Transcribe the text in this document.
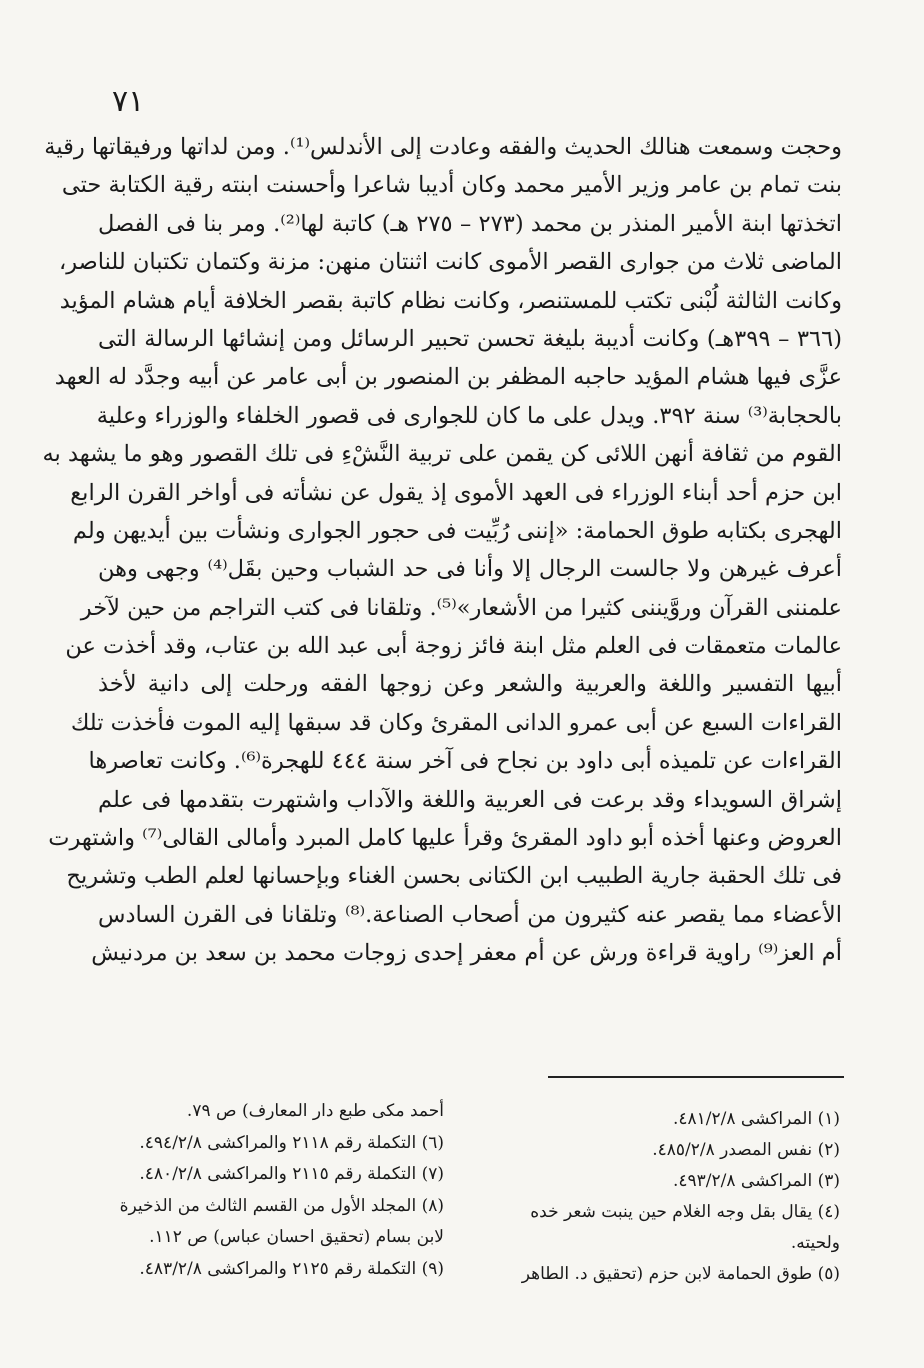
٧١
وحجت وسمعت هنالك الحديث والفقه وعادت إلى الأندلس⁽¹⁾. ومن لداتها ورفيقاتها رقية
بنت تمام بن عامر وزير الأمير محمد وكان أديبا شاعرا وأحسنت ابنته رقية الكتابة حتى
اتخذتها ابنة الأمير المنذر بن محمد (٢٧٣ – ٢٧٥ هـ) كاتبة لها⁽²⁾. ومر بنا فى الفصل
الماضى ثلاث من جوارى القصر الأموى كانت اثنتان منهن: مزنة وكتمان تكتبان للناصر،
وكانت الثالثة لُبْنى تكتب للمستنصر، وكانت نظام كاتبة بقصر الخلافة أيام هشام المؤيد
(٣٦٦ – ٣٩٩هـ) وكانت أديبة بليغة تحسن تحبير الرسائل ومن إنشائها الرسالة التى
عزَّى فيها هشام المؤيد حاجبه المظفر بن المنصور بن أبى عامر عن أبيه وجدَّد له العهد
بالحجابة⁽³⁾ سنة ٣٩٢. ويدل على ما كان للجوارى فى قصور الخلفاء والوزراء وعلية
القوم من ثقافة أنهن اللائى كن يقمن على تربية النَّشْءِ فى تلك القصور وهو ما يشهد به
ابن حزم أحد أبناء الوزراء فى العهد الأموى إذ يقول عن نشأته فى أواخر القرن الرابع
الهجرى بكتابه طوق الحمامة: «إننى رُبِّيت فى حجور الجوارى ونشأت بين أيديهن ولم
أعرف غيرهن ولا جالست الرجال إلا وأنا فى حد الشباب وحين بقَل⁽⁴⁾ وجهى وهن
علمننى القرآن وروَّيننى كثيرا من الأشعار»⁽⁵⁾. وتلقانا فى كتب التراجم من حين لآخر
عالمات متعمقات فى العلم مثل ابنة فائز زوجة أبى عبد الله بن عتاب، وقد أخذت عن
أبيها التفسير واللغة والعربية والشعر وعن زوجها الفقه ورحلت إلى دانية لأخذ
القراءات السبع عن أبى عمرو الدانى المقرئ وكان قد سبقها إليه الموت فأخذت تلك
القراءات عن تلميذه أبى داود بن نجاح فى آخر سنة ٤٤٤ للهجرة⁽⁶⁾. وكانت تعاصرها
إشراق السويداء وقد برعت فى العربية واللغة والآداب واشتهرت بتقدمها فى علم
العروض وعنها أخذه أبو داود المقرئ وقرأ عليها كامل المبرد وأمالى القالى⁽⁷⁾ واشتهرت
فى تلك الحقبة جارية الطبيب ابن الكتانى بحسن الغناء وبإحسانها لعلم الطب وتشريح
الأعضاء مما يقصر عنه كثيرون من أصحاب الصناعة.⁽⁸⁾ وتلقانا فى القرن السادس
أم العز⁽⁹⁾ راوية قراءة ورش عن أم معفر إحدى زوجات محمد بن سعد بن مردنيش
(١) المراكشى ٤٨١/٢/٨.
(٢) نفس المصدر ٤٨٥/٢/٨.
(٣) المراكشى ٤٩٣/٢/٨.
(٤) يقال بقل وجه الغلام حين ينبت شعر خده
ولحيته.
(٥) طوق الحمامة لابن حزم (تحقيق د. الطاهر
أحمد مكى طبع دار المعارف) ص ٧٩.
(٦) التكملة رقم ٢١١٨ والمراكشى ٤٩٤/٢/٨.
(٧) التكملة رقم ٢١١٥ والمراكشى ٤٨٠/٢/٨.
(٨) المجلد الأول من القسم الثالث من الذخيرة
لابن بسام (تحقيق احسان عباس) ص ١١٢.
(٩) التكملة رقم ٢١٢٥ والمراكشى ٤٨٣/٢/٨.
